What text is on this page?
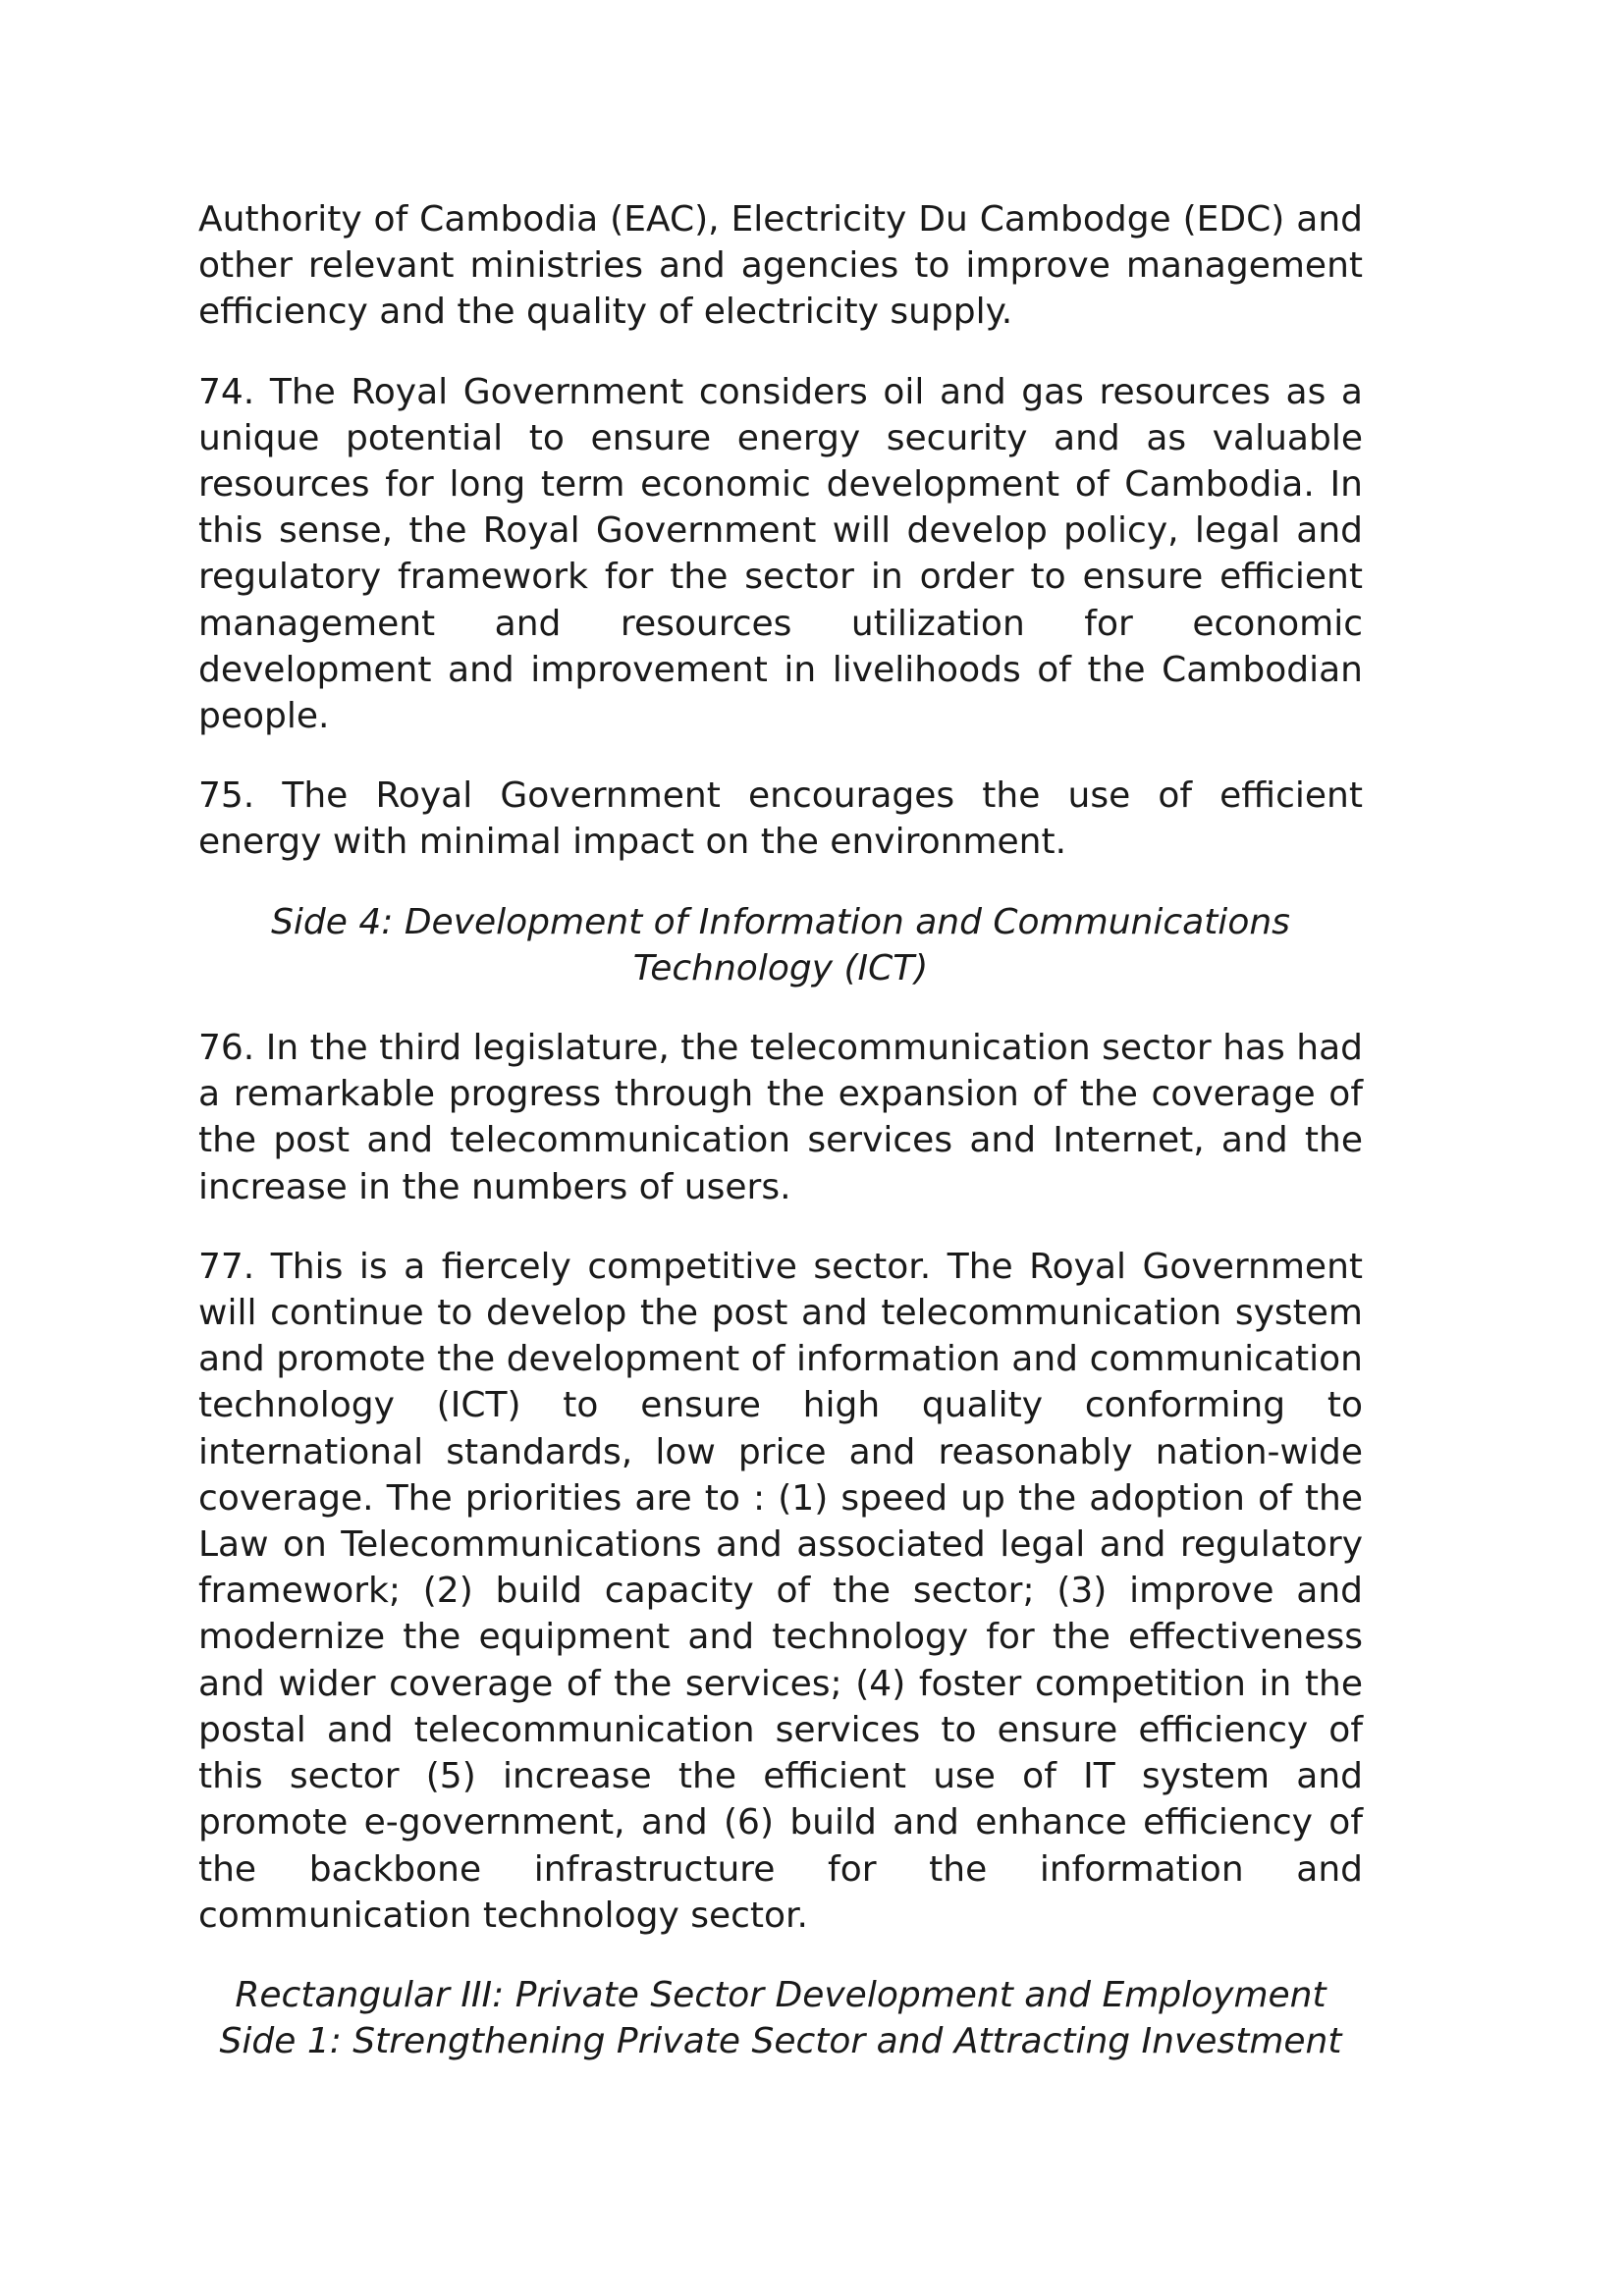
Authority of Cambodia (EAC), Electricity Du Cambodge (EDC) and other relevant ministries and agencies to improve management efficiency and the quality of electricity supply.

74. The Royal Government considers oil and gas resources as a unique potential to ensure energy security and as valuable resources for long term economic development of Cambodia. In this sense, the Royal Government will develop policy, legal and regulatory framework for the sector in order to ensure efficient management and resources utilization for economic development and improvement in livelihoods of the Cambodian people.

75. The Royal Government encourages the use of efficient energy with minimal impact on the environment.

Side 4: Development of Information and Communications
Technology (ICT)

76. In the third legislature, the telecommunication sector has had a remarkable progress through the expansion of the coverage of the post and telecommunication services and Internet, and the increase in the numbers of users.

77. This is a fiercely competitive sector. The Royal Government will continue to develop the post and telecommunication system and promote the development of information and communication technology (ICT) to ensure high quality conforming to international standards, low price and reasonably nation-wide coverage. The priorities are to : (1) speed up the adoption of the Law on Telecommunications and associated legal and regulatory framework; (2) build capacity of the sector; (3) improve and modernize the equipment and technology for the effectiveness and wider coverage of the services; (4) foster competition in the postal and telecommunication services to ensure efficiency of this sector (5) increase the efficient use of IT system and promote e-government, and (6) build and enhance efficiency of the backbone infrastructure for the information and communication technology sector.

Rectangular III: Private Sector Development and Employment
Side 1: Strengthening Private Sector and Attracting Investment
